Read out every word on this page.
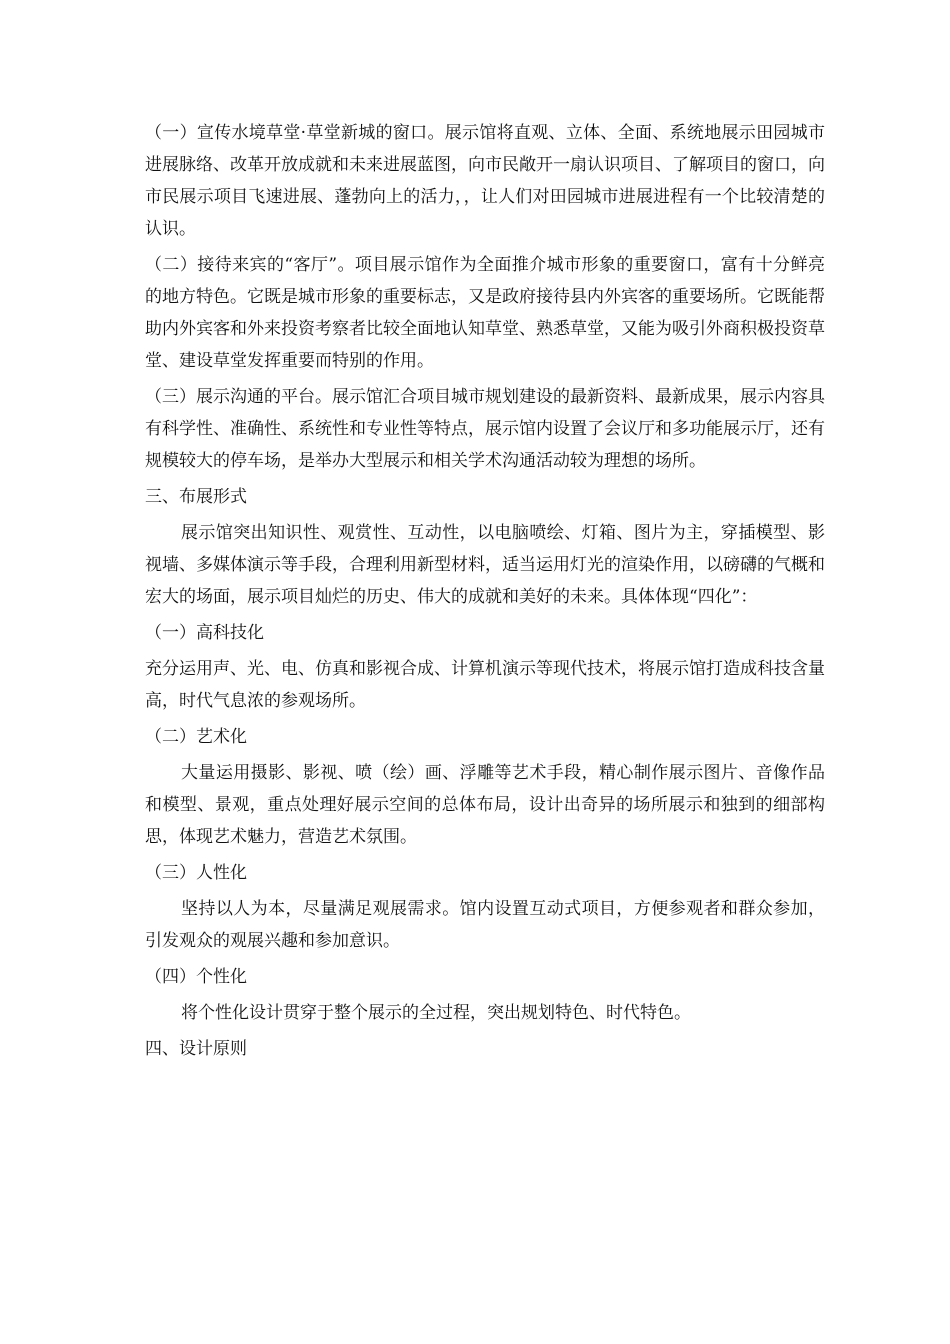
（一）宣传水境草堂·草堂新城的窗口。展示馆将直观、立体、全面、系统地展示田园城市进展脉络、改革开放成就和未来进展蓝图，向市民敞开一扇认识项目、了解项目的窗口，向市民展示项目飞速进展、蓬勃向上的活力，，让人们对田园城市进展进程有一个比较清楚的认识。

（二）接待来宾的“客厅”。项目展示馆作为全面推介城市形象的重要窗口，富有十分鲜亮的地方特色。它既是城市形象的重要标志，又是政府接待县内外宾客的重要场所。它既能帮助内外宾客和外来投资考察者比较全面地认知草堂、熟悉草堂，又能为吸引外商积极投资草堂、建设草堂发挥重要而特别的作用。

（三）展示沟通的平台。展示馆汇合项目城市规划建设的最新资料、最新成果，展示内容具有科学性、准确性、系统性和专业性等特点，展示馆内设置了会议厅和多功能展示厅，还有规模较大的停车场，是举办大型展示和相关学术沟通活动较为理想的场所。

三、布展形式

展示馆突出知识性、观赏性、互动性，以电脑喷绘、灯箱、图片为主，穿插模型、影视墙、多媒体演示等手段，合理利用新型材料，适当运用灯光的渲染作用，以磅礴的气概和宏大的场面，展示项目灿烂的历史、伟大的成就和美好的未来。具体体现“四化”：

（一）高科技化

充分运用声、光、电、仿真和影视合成、计算机演示等现代技术，将展示馆打造成科技含量高，时代气息浓的参观场所。

（二）艺术化

大量运用摄影、影视、喷（绘）画、浮雕等艺术手段，精心制作展示图片、音像作品和模型、景观，重点处理好展示空间的总体布局，设计出奇异的场所展示和独到的细部构思，体现艺术魅力，营造艺术氛围。

（三）人性化

坚持以人为本，尽量满足观展需求。馆内设置互动式项目，方便参观者和群众参加，引发观众的观展兴趣和参加意识。

（四）个性化

将个性化设计贯穿于整个展示的全过程，突出规划特色、时代特色。

四、设计原则
